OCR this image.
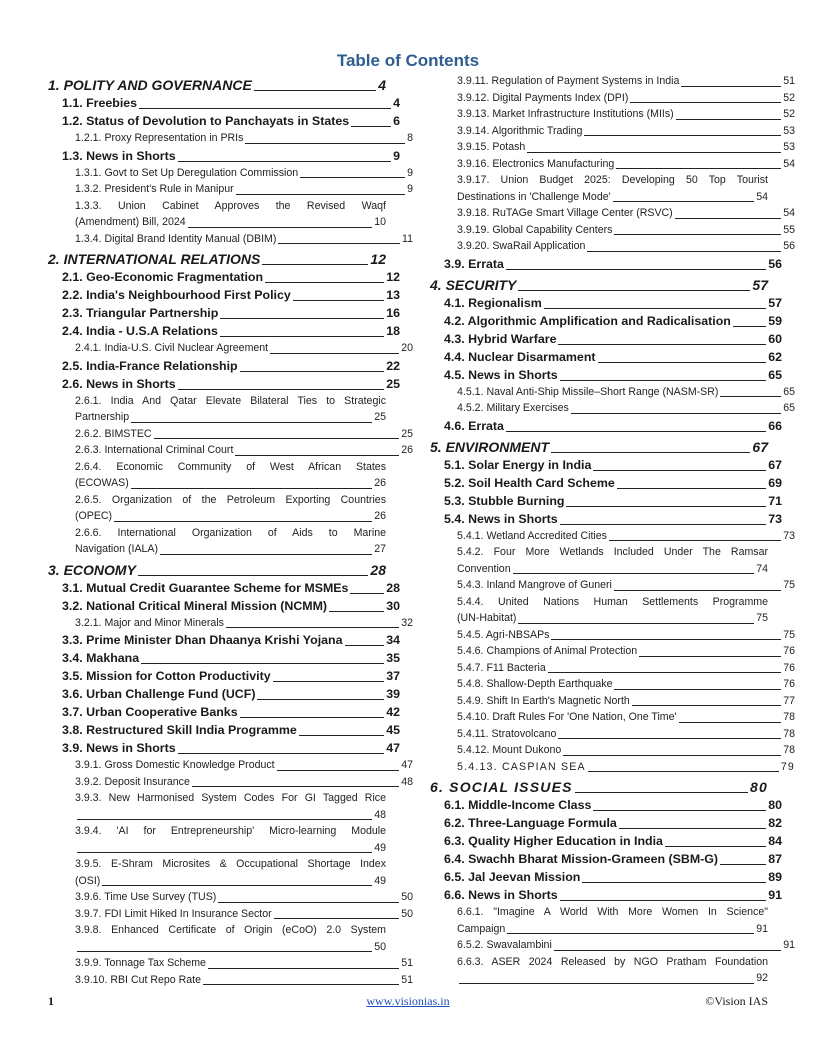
Table of Contents
1. POLITY AND GOVERNANCE	4
1.1. Freebies	4
1.2. Status of Devolution to Panchayats in States	6
1.2.1. Proxy Representation in PRIs	8
1.3. News in Shorts	9
1.3.1. Govt to Set Up Deregulation Commission	9
1.3.2. President's Rule in Manipur	9
1.3.3. Union Cabinet Approves the Revised Waqf
(Amendment) Bill, 2024	10
1.3.4. Digital Brand Identity Manual (DBIM)	11
2. INTERNATIONAL RELATIONS	12
2.1. Geo-Economic Fragmentation	12
2.2. India's Neighbourhood First Policy	13
2.3. Triangular Partnership	16
2.4. India - U.S.A Relations	18
2.4.1. India-U.S. Civil Nuclear Agreement	20
2.5. India-France Relationship	22
2.6. News in Shorts	25
2.6.1. India And Qatar Elevate Bilateral Ties to Strategic
Partnership	25
2.6.2. BIMSTEC	25
2.6.3. International Criminal Court	26
2.6.4. Economic Community of West African States
(ECOWAS)	26
2.6.5. Organization of the Petroleum Exporting Countries
(OPEC)	26
2.6.6. International Organization of Aids to Marine
Navigation (IALA)	27
3. ECONOMY	28
3.1. Mutual Credit Guarantee Scheme for MSMEs	28
3.2. National Critical Mineral Mission (NCMM)	30
3.2.1. Major and Minor Minerals	32
3.3. Prime Minister Dhan Dhaanya Krishi Yojana	34
3.4. Makhana	35
3.5. Mission for Cotton Productivity	37
3.6. Urban Challenge Fund (UCF)	39
3.7. Urban Cooperative Banks	42
3.8. Restructured Skill India Programme	45
3.9. News in Shorts	47
3.9.1. Gross Domestic Knowledge Product	47
3.9.2. Deposit Insurance	48
3.9.3. New Harmonised System Codes For GI Tagged Rice
48
3.9.4. 'AI for Entrepreneurship' Micro-learning Module
49
3.9.5. E-Shram Microsites & Occupational Shortage Index
(OSI)	49
3.9.6. Time Use Survey (TUS)	50
3.9.7. FDI Limit Hiked In Insurance Sector	50
3.9.8. Enhanced Certificate of Origin (eCoO) 2.0 System
50
3.9.9. Tonnage Tax Scheme	51
3.9.10. RBI Cut Repo Rate	51
3.9.11. Regulation of Payment Systems in India	51
3.9.12. Digital Payments Index (DPI)	52
3.9.13. Market Infrastructure Institutions (MIIs)	52
3.9.14. Algorithmic Trading	53
3.9.15. Potash	53
3.9.16. Electronics Manufacturing	54
3.9.17. Union Budget 2025: Developing 50 Top Tourist
Destinations in 'Challenge Mode'	54
3.9.18. RuTAGe Smart Village Center (RSVC)	54
3.9.19. Global Capability Centers	55
3.9.20. SwaRail Application	56
3.9. Errata	56
4. SECURITY	57
4.1. Regionalism	57
4.2. Algorithmic Amplification and Radicalisation	59
4.3. Hybrid Warfare	60
4.4. Nuclear Disarmament	62
4.5. News in Shorts	65
4.5.1. Naval Anti-Ship Missile–Short Range (NASM-SR)	65
4.5.2. Military Exercises	65
4.6. Errata	66
5. ENVIRONMENT	67
5.1. Solar Energy in India	67
5.2. Soil Health Card Scheme	69
5.3. Stubble Burning	71
5.4. News in Shorts	73
5.4.1. Wetland Accredited Cities	73
5.4.2. Four More Wetlands Included Under The Ramsar
Convention	74
5.4.3. Inland Mangrove of Guneri	75
5.4.4. United Nations Human Settlements Programme
(UN-Habitat)	75
5.4.5. Agri-NBSAPs	75
5.4.6. Champions of Animal Protection	76
5.4.7. F11 Bacteria	76
5.4.8. Shallow-Depth Earthquake	76
5.4.9. Shift In Earth's Magnetic North	77
5.4.10. Draft Rules For 'One Nation, One Time'	78
5.4.11. Stratovolcano	78
5.4.12. Mount Dukono	78
5.4.13. CASPIAN SEA	79
6. SOCIAL ISSUES	80
6.1. Middle-Income Class	80
6.2. Three-Language Formula	82
6.3. Quality Higher Education in India	84
6.4. Swachh Bharat Mission-Grameen (SBM-G)	87
6.5. Jal Jeevan Mission	89
6.6. News in Shorts	91
6.6.1. "Imagine A World With More Women In Science"
Campaign	91
6.5.2. Swavalambini	91
6.6.3. ASER 2024 Released by NGO Pratham Foundation
92
1	www.visionias.in	©Vision IAS
